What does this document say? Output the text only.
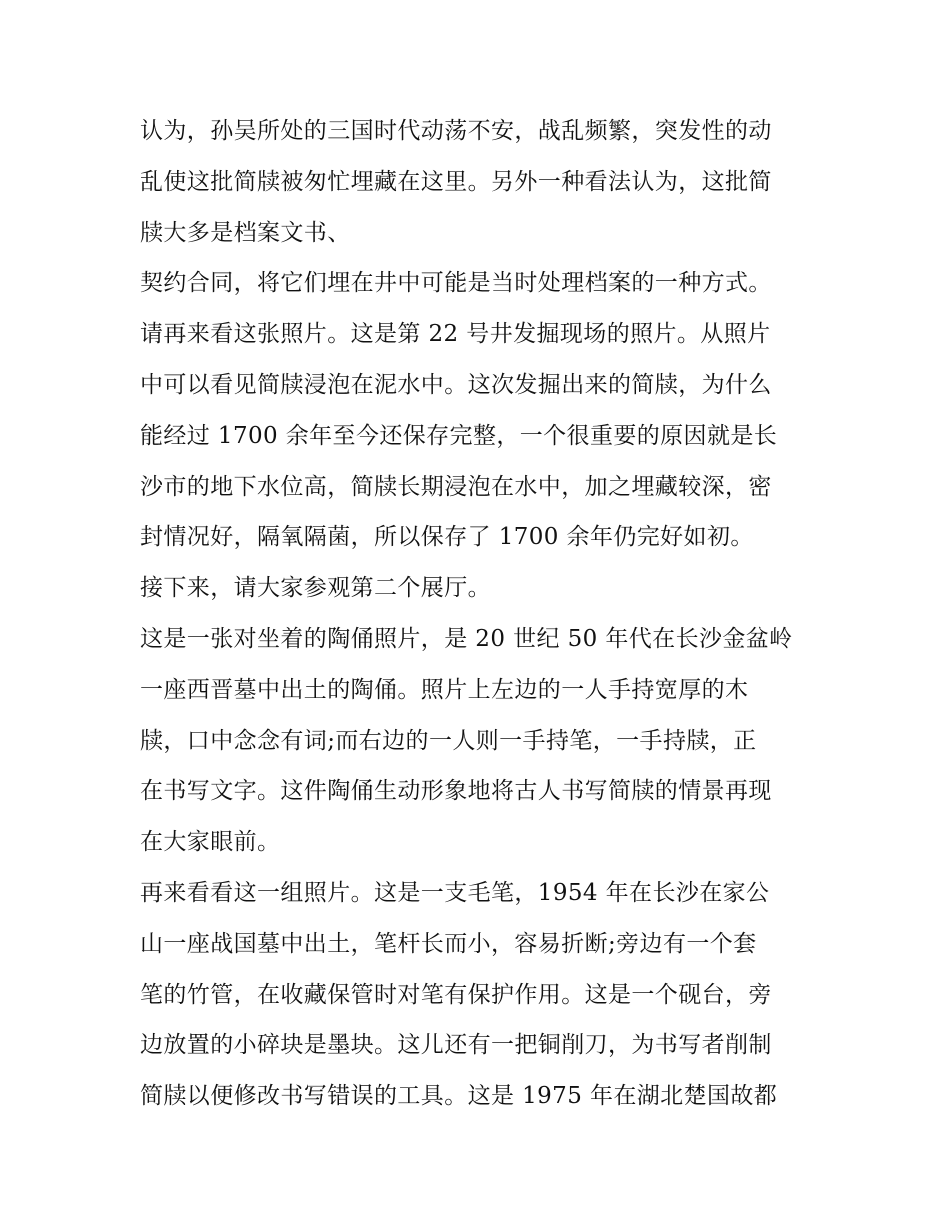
认为，孙吴所处的三国时代动荡不安，战乱频繁，突发性的动
乱使这批简牍被匆忙埋藏在这里。另外一种看法认为，这批简
牍大多是档案文书、
契约合同，将它们埋在井中可能是当时处理档案的一种方式。
请再来看这张照片。这是第 22 号井发掘现场的照片。从照片
中可以看见简牍浸泡在泥水中。这次发掘出来的简牍，为什么
能经过 1700 余年至今还保存完整，一个很重要的原因就是长
沙市的地下水位高，简牍长期浸泡在水中，加之埋藏较深，密
封情况好，隔氧隔菌，所以保存了 1700 余年仍完好如初。
接下来，请大家参观第二个展厅。
这是一张对坐着的陶俑照片，是 20 世纪 50 年代在长沙金盆岭
一座西晋墓中出土的陶俑。照片上左边的一人手持宽厚的木
牍，口中念念有词;而右边的一人则一手持笔，一手持牍，正
在书写文字。这件陶俑生动形象地将古人书写简牍的情景再现
在大家眼前。
再来看看这一组照片。这是一支毛笔，1954 年在长沙在家公
山一座战国墓中出土，笔杆长而小，容易折断;旁边有一个套
笔的竹管，在收藏保管时对笔有保护作用。这是一个砚台，旁
边放置的小碎块是墨块。这儿还有一把铜削刀，为书写者削制
简牍以便修改书写错误的工具。这是 1975 年在湖北楚国故都
